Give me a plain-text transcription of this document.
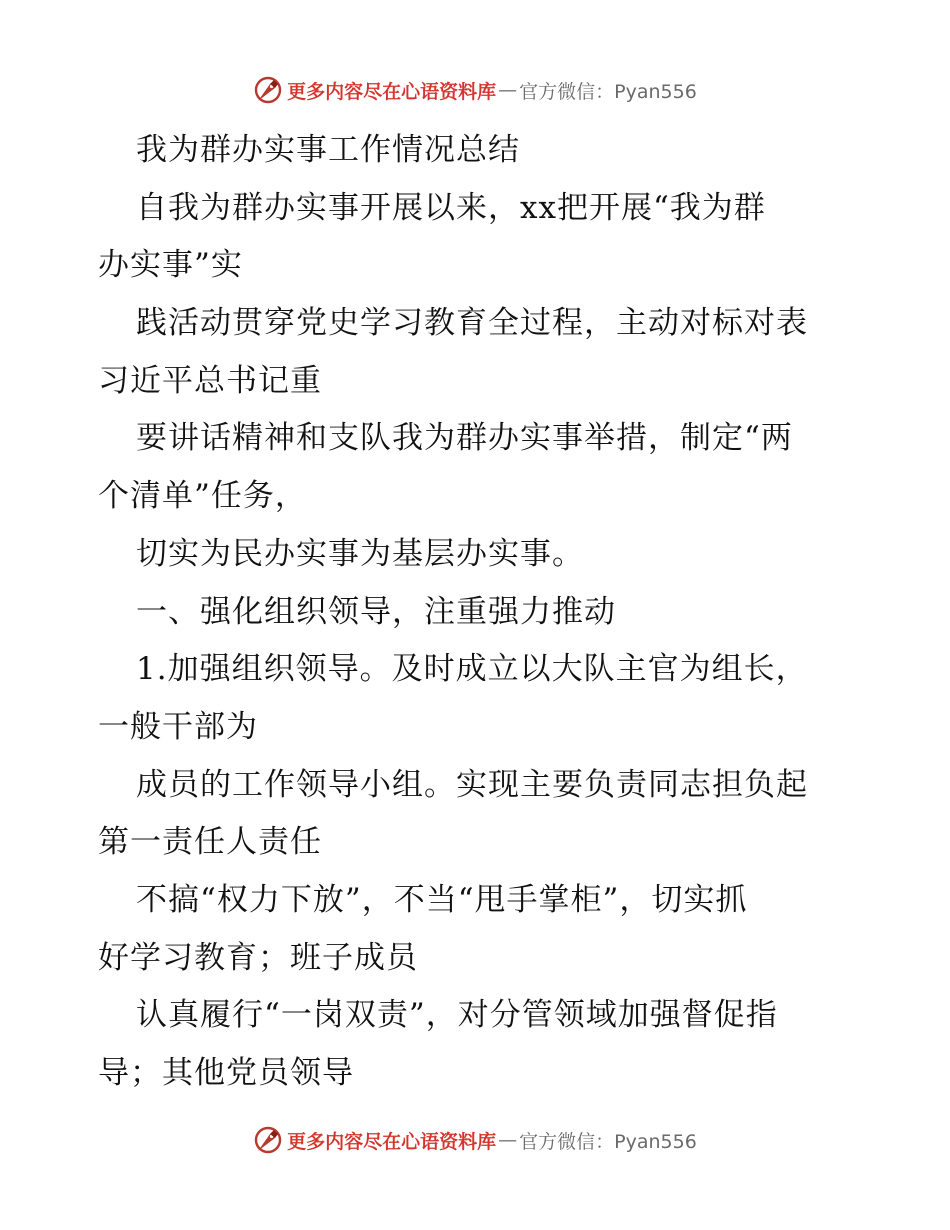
更多内容尽在心语资料库 — 官方微信：Pyan556
我为群办实事工作情况总结
自我为群办实事开展以来，xx把开展“我为群
办实事”实
践活动贯穿党史学习教育全过程，主动对标对表
习近平总书记重
要讲话精神和支队我为群办实事举措，制定“两
个清单”任务，
切实为民办实事为基层办实事。
一、强化组织领导，注重强力推动
1.加强组织领导。及时成立以大队主官为组长，
一般干部为
成员的工作领导小组。实现主要负责同志担负起
第一责任人责任
不搞“权力下放”，不当“甩手掌柜”，切实抓
好学习教育；班子成员
认真履行“一岗双责”，对分管领域加强督促指
导；其他党员领导
更多内容尽在心语资料库 — 官方微信：Pyan556
